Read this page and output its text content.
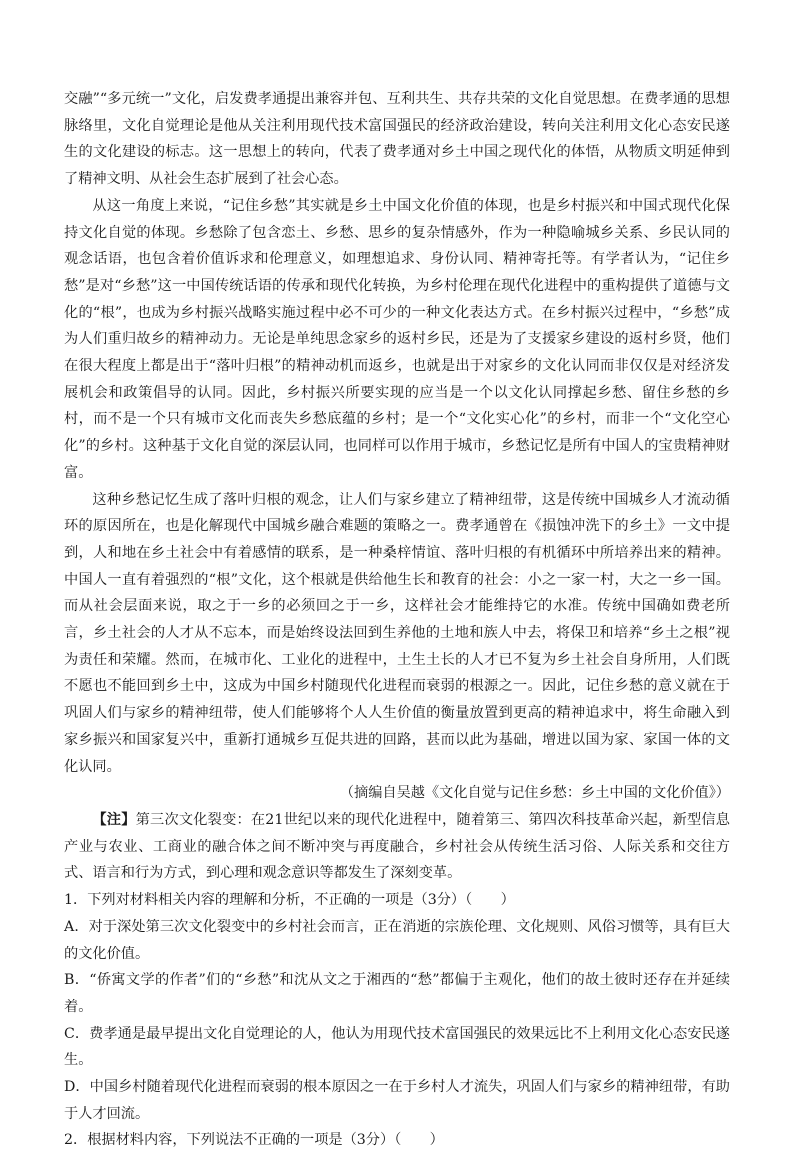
交融”“多元统一”文化，启发费孝通提出兼容并包、互利共生、共存共荣的文化自觉思想。在费孝通的思想脉络里，文化自觉理论是他从关注利用现代技术富国强民的经济政治建设，转向关注利用文化心态安民遂生的文化建设的标志。这一思想上的转向，代表了费孝通对乡土中国之现代化的体悟，从物质文明延伸到了精神文明、从社会生态扩展到了社会心态。

从这一角度上来说，“记住乡愁”其实就是乡土中国文化价值的体现，也是乡村振兴和中国式现代化保持文化自觉的体现。乡愁除了包含恋土、乡愁、思乡的复杂情感外，作为一种隐喻城乡关系、乡民认同的观念话语，也包含着价值诉求和伦理意义，如理想追求、身份认同、精神寄托等。有学者认为，“记住乡愁”是对“乡愁”这一中国传统话语的传承和现代化转换，为乡村伦理在现代化进程中的重构提供了道德与文化的“根”，也成为乡村振兴战略实施过程中必不可少的一种文化表达方式。在乡村振兴过程中，“乡愁”成为人们重归故乡的精神动力。无论是单纯思念家乡的返村乡民，还是为了支援家乡建设的返村乡贤，他们在很大程度上都是出于“落叶归根”的精神动机而返乡，也就是出于对家乡的文化认同而非仅仅是对经济发展机会和政策倡导的认同。因此，乡村振兴所要实现的应当是一个以文化认同撑起乡愁、留住乡愁的乡村，而不是一个只有城市文化而丧失乡愁底蕴的乡村；是一个“文化实心化”的乡村，而非一个“文化空心化”的乡村。这种基于文化自觉的深层认同，也同样可以作用于城市，乡愁记忆是所有中国人的宝贵精神财富。

这种乡愁记忆生成了落叶归根的观念，让人们与家乡建立了精神纽带，这是传统中国城乡人才流动循环的原因所在，也是化解现代中国城乡融合难题的策略之一。费孝通曾在《损蚀冲洗下的乡土》一文中提到，人和地在乡土社会中有着感情的联系，是一种桑梓情谊、落叶归根的有机循环中所培养出来的精神。中国人一直有着强烈的“根”文化，这个根就是供给他生长和教育的社会：小之一家一村，大之一乡一国。而从社会层面来说，取之于一乡的必须回之于一乡，这样社会才能维持它的水准。传统中国确如费老所言，乡土社会的人才从不忘本，而是始终设法回到生养他的土地和族人中去，将保卫和培养“乡土之根”视为责任和荣耀。然而，在城市化、工业化的进程中，土生土长的人才已不复为乡土社会自身所用，人们既不愿也不能回到乡土中，这成为中国乡村随现代化进程而衰弱的根源之一。因此，记住乡愁的意义就在于巩固人们与家乡的精神纽带，使人们能够将个人人生价值的衡量放置到更高的精神追求中，将生命融入到家乡振兴和国家复兴中，重新打通城乡互促共进的回路，甚而以此为基础，增进以国为家、家国一体的文化认同。

（摘编自吴越《文化自觉与记住乡愁：乡土中国的文化价值》）

【注】第三次文化裂变：在21世纪以来的现代化进程中，随着第三、第四次科技革命兴起，新型信息产业与农业、工商业的融合体之间不断冲突与再度融合，乡村社会从传统生活习俗、人际关系和交往方式、语言和行为方式，到心理和观念意识等都发生了深刻变革。

1．下列对材料相关内容的理解和分析，不正确的一项是（3分）（　　）

A．对于深处第三次文化裂变中的乡村社会而言，正在消逝的宗族伦理、文化规则、风俗习惯等，具有巨大的文化价值。

B．“侨寓文学的作者”们的“乡愁”和沈从文之于湘西的“愁”都偏于主观化，他们的故土彼时还存在并延续着。

C．费孝通是最早提出文化自觉理论的人，他认为用现代技术富国强民的效果远比不上利用文化心态安民遂生。

D．中国乡村随着现代化进程而衰弱的根本原因之一在于乡村人才流失，巩固人们与家乡的精神纽带，有助于人才回流。

2．根据材料内容，下列说法不正确的一项是（3分）（　　）
